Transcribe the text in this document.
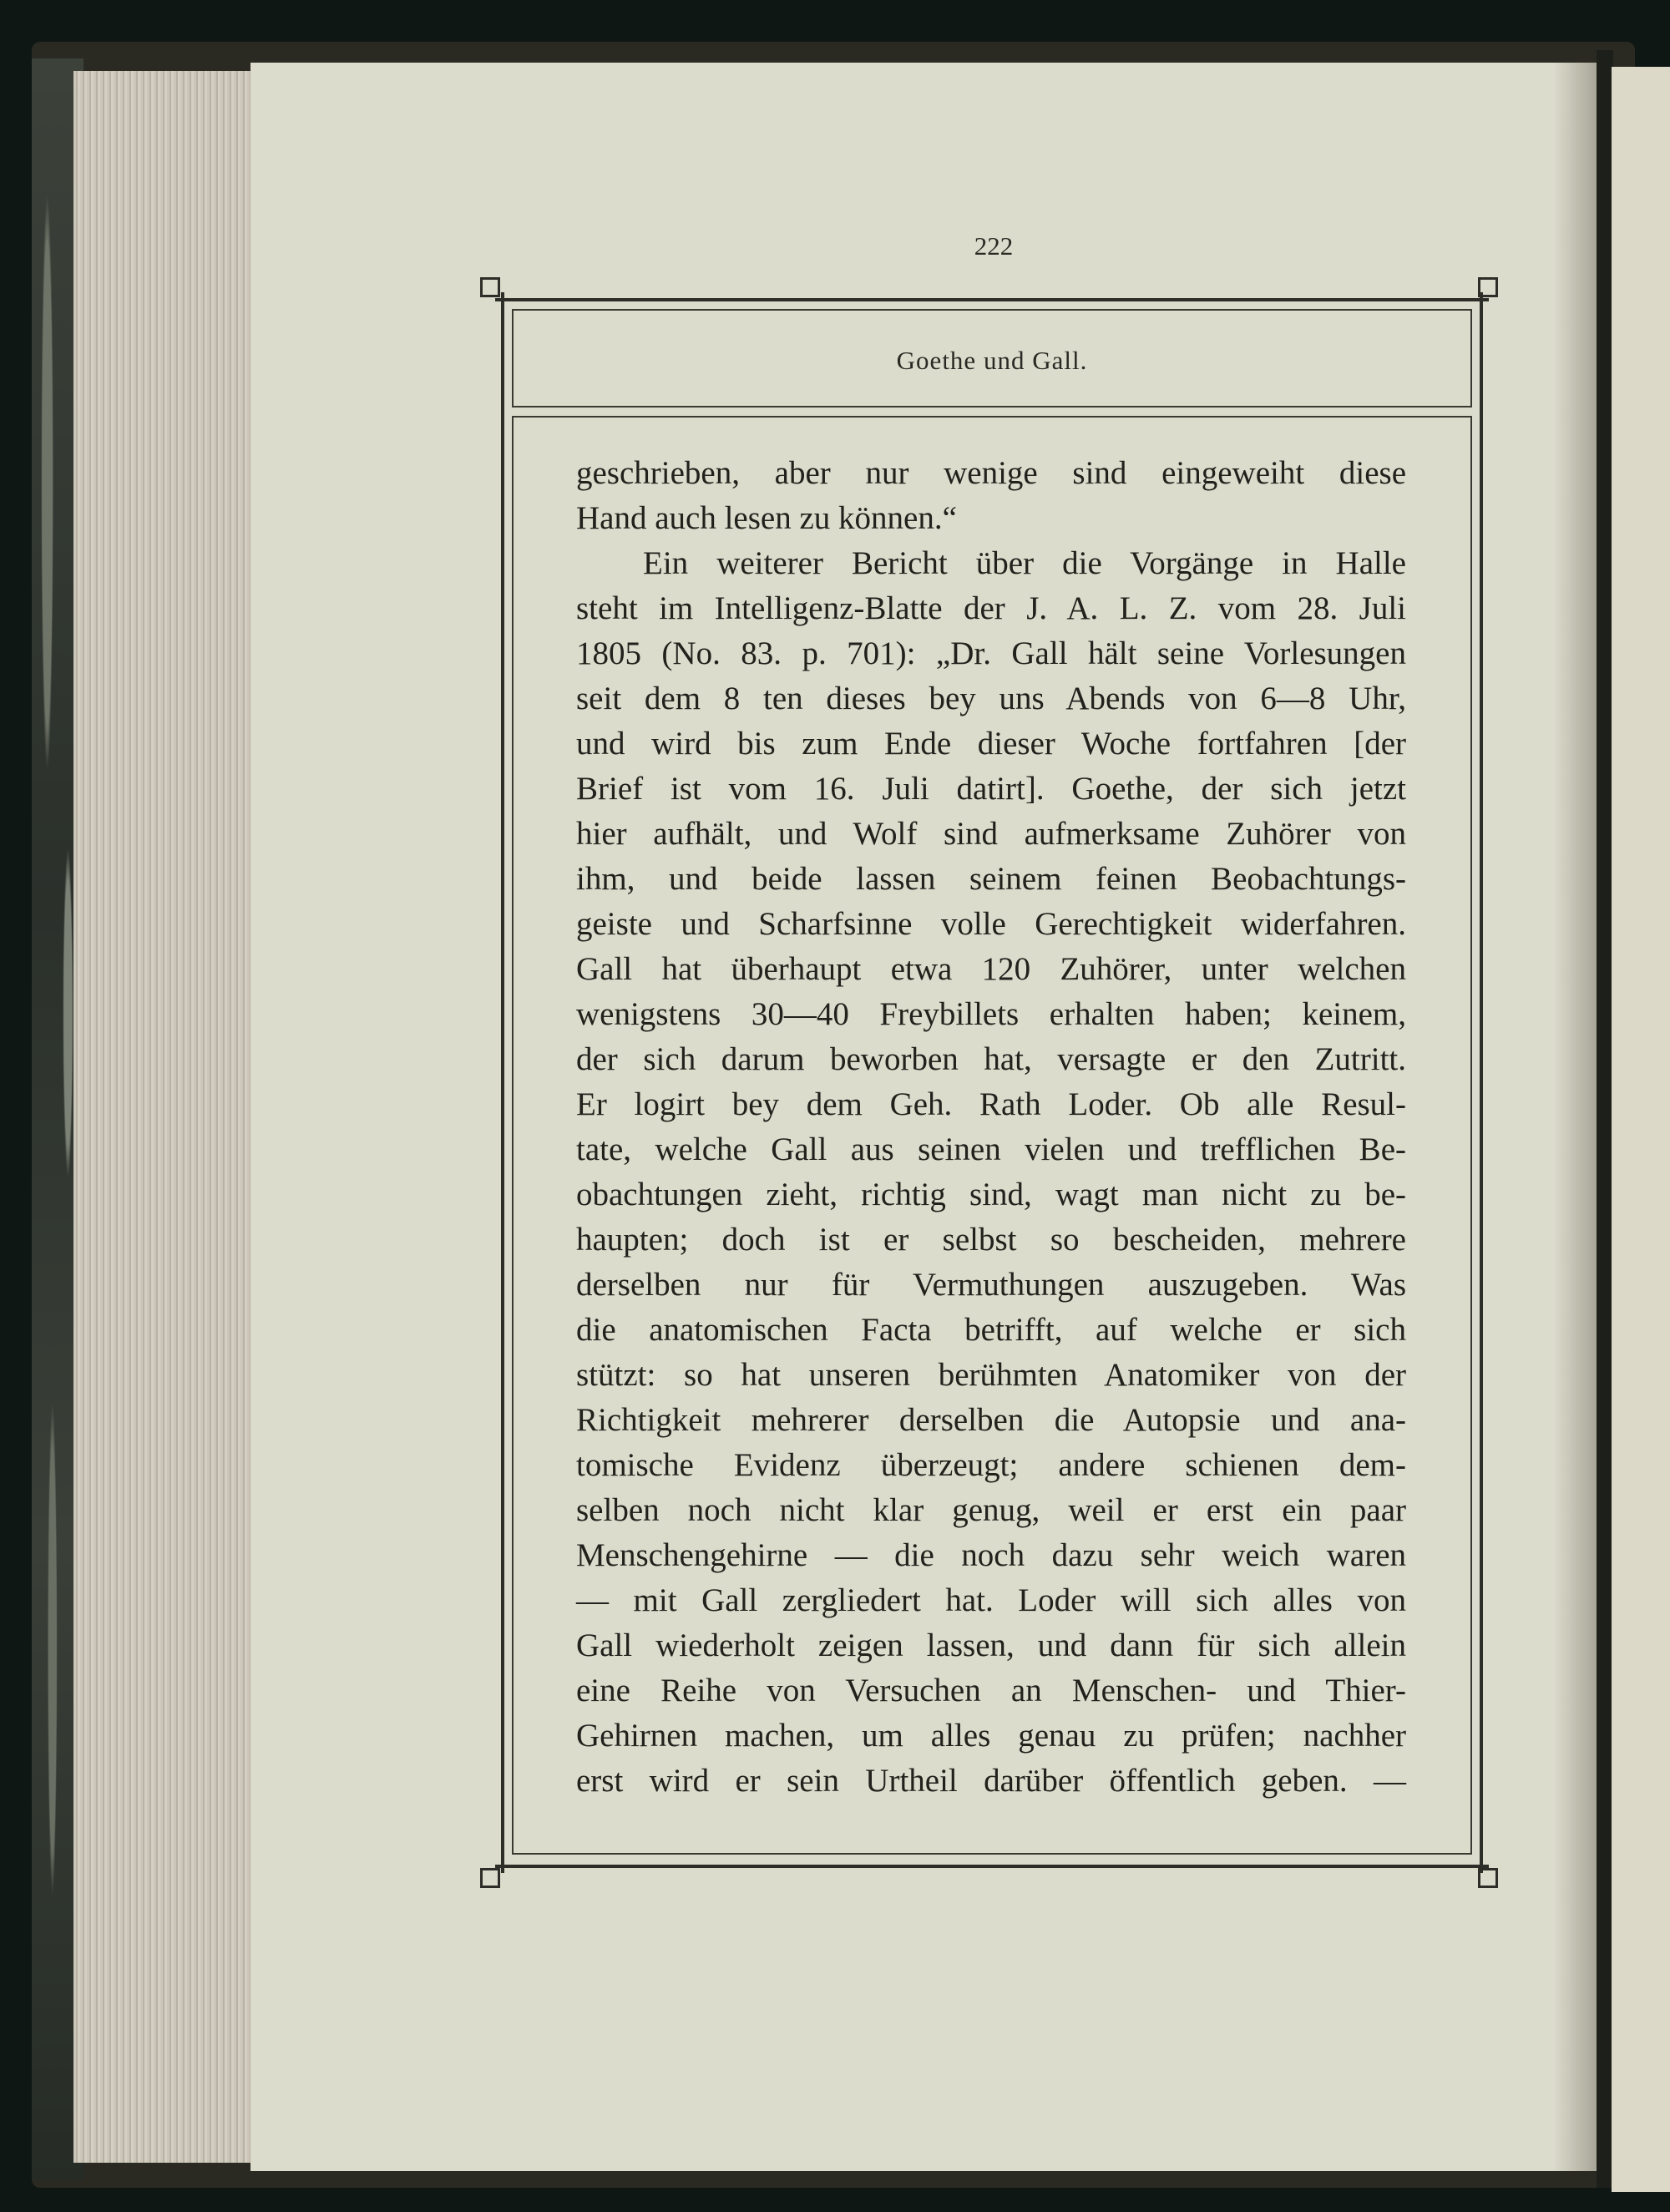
222
Goethe und Gall.
geschrieben, aber nur wenige sind eingeweiht diese
Hand auch lesen zu können.“
Ein weiterer Bericht über die Vorgänge in Halle
steht im Intelligenz-Blatte der J. A. L. Z. vom 28. Juli
1805 (No. 83. p. 701): „Dr. Gall hält seine Vorlesungen
seit dem 8 ten dieses bey uns Abends von 6—8 Uhr,
und wird bis zum Ende dieser Woche fortfahren [der
Brief ist vom 16. Juli datirt]. Goethe, der sich jetzt
hier aufhält, und Wolf sind aufmerksame Zuhörer von
ihm, und beide lassen seinem feinen Beobachtungs-
geiste und Scharfsinne volle Gerechtigkeit widerfahren.
Gall hat überhaupt etwa 120 Zuhörer, unter welchen
wenigstens 30—40 Freybillets erhalten haben; keinem,
der sich darum beworben hat, versagte er den Zutritt.
Er logirt bey dem Geh. Rath Loder. Ob alle Resul-
tate, welche Gall aus seinen vielen und trefflichen Be-
obachtungen zieht, richtig sind, wagt man nicht zu be-
haupten; doch ist er selbst so bescheiden, mehrere
derselben nur für Vermuthungen auszugeben. Was
die anatomischen Facta betrifft, auf welche er sich
stützt: so hat unseren berühmten Anatomiker von der
Richtigkeit mehrerer derselben die Autopsie und ana-
tomische Evidenz überzeugt; andere schienen dem-
selben noch nicht klar genug, weil er erst ein paar
Menschengehirne — die noch dazu sehr weich waren
— mit Gall zergliedert hat. Loder will sich alles von
Gall wiederholt zeigen lassen, und dann für sich allein
eine Reihe von Versuchen an Menschen- und Thier-
Gehirnen machen, um alles genau zu prüfen; nachher
erst wird er sein Urtheil darüber öffentlich geben. —
